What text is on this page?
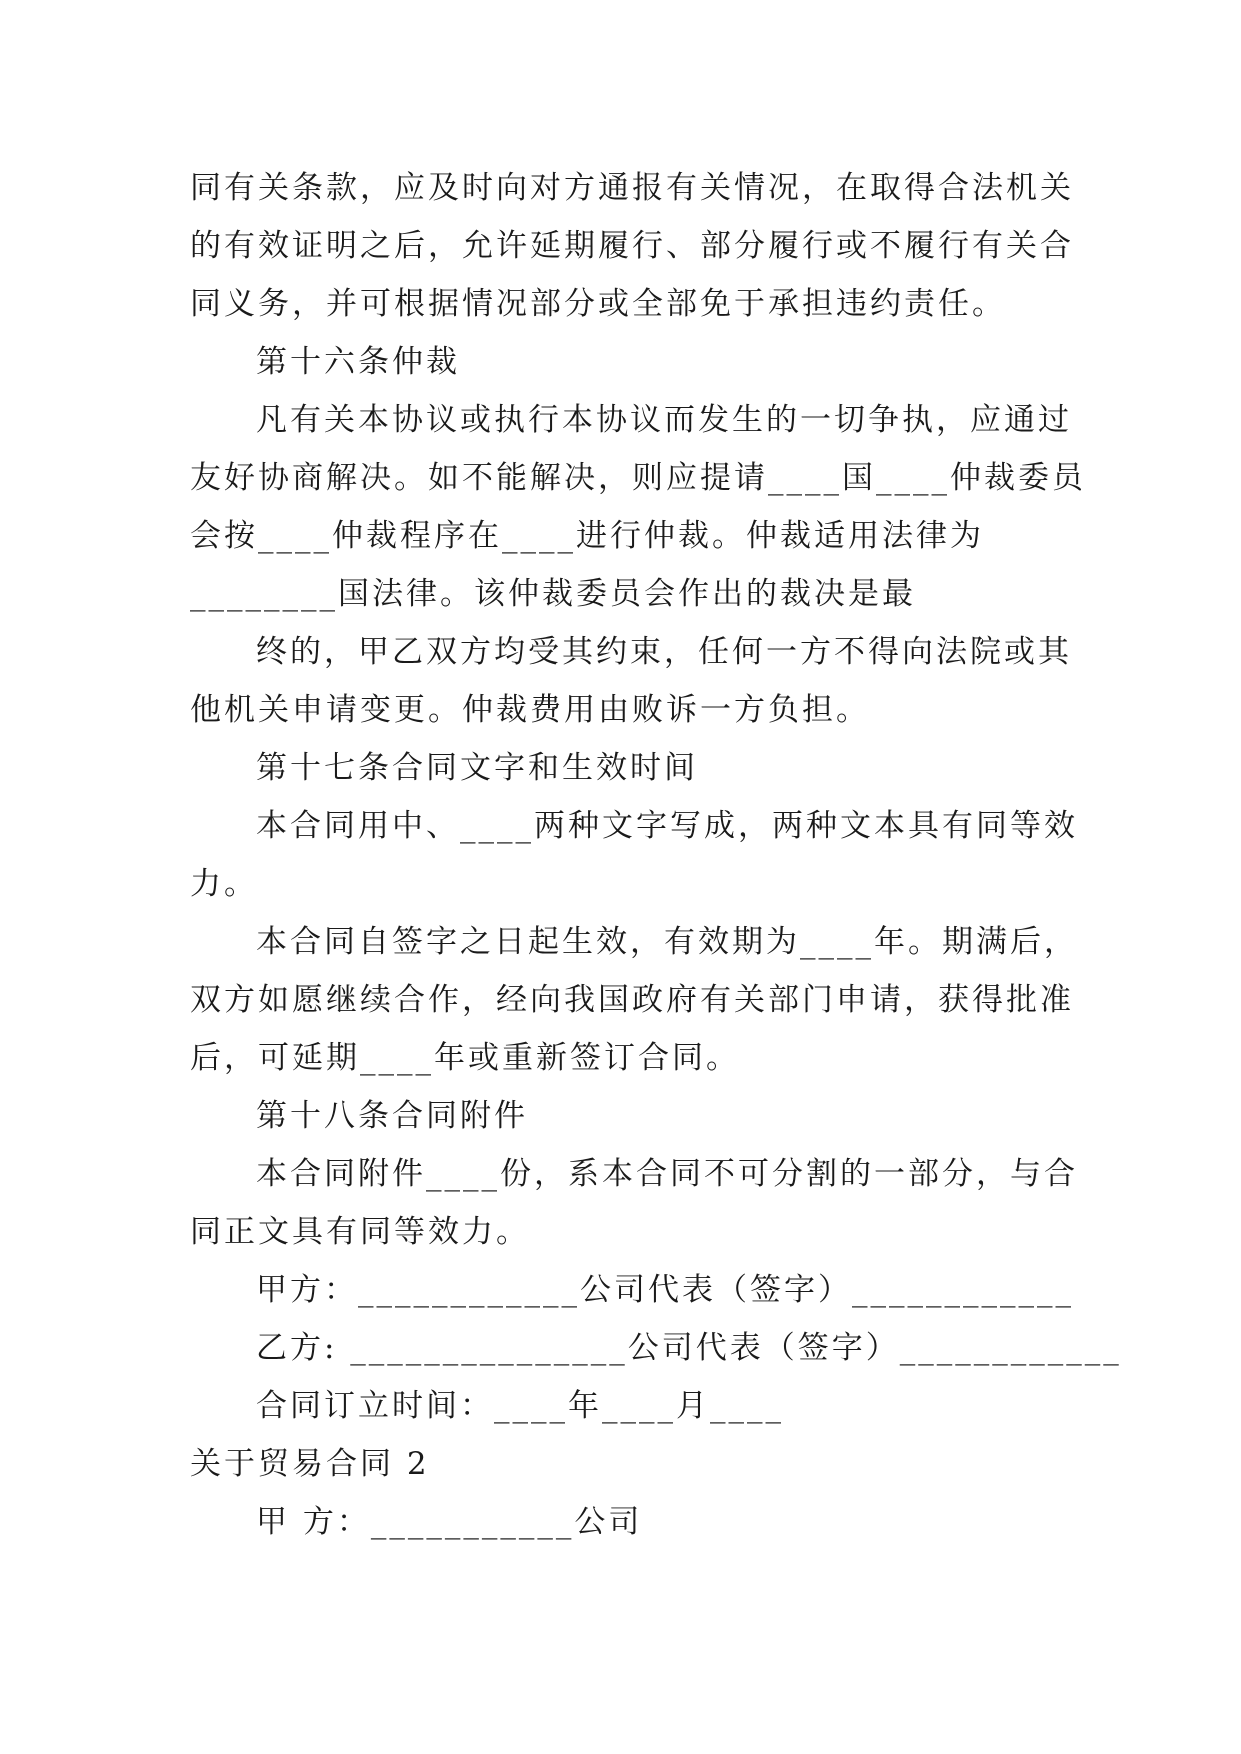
同有关条款，应及时向对方通报有关情况，在取得合法机关
的有效证明之后，允许延期履行、部分履行或不履行有关合
同义务，并可根据情况部分或全部免于承担违约责任。
第十六条仲裁
凡有关本协议或执行本协议而发生的一切争执，应通过
友好协商解决。如不能解决，则应提请____国____仲裁委员
会按____仲裁程序在____进行仲裁。仲裁适用法律为
________国法律。该仲裁委员会作出的裁决是最
终的，甲乙双方均受其约束，任何一方不得向法院或其
他机关申请变更。仲裁费用由败诉一方负担。
第十七条合同文字和生效时间
本合同用中、____两种文字写成，两种文本具有同等效
力。
本合同自签字之日起生效，有效期为____年。期满后，
双方如愿继续合作，经向我国政府有关部门申请，获得批准
后，可延期____年或重新签订合同。
第十八条合同附件
本合同附件____份，系本合同不可分割的一部分，与合
同正文具有同等效力。
甲方：____________公司代表（签字）____________
乙方: _______________公司代表（签字）____________
合同订立时间：____年____月____
关于贸易合同 2
甲 方：___________公司
